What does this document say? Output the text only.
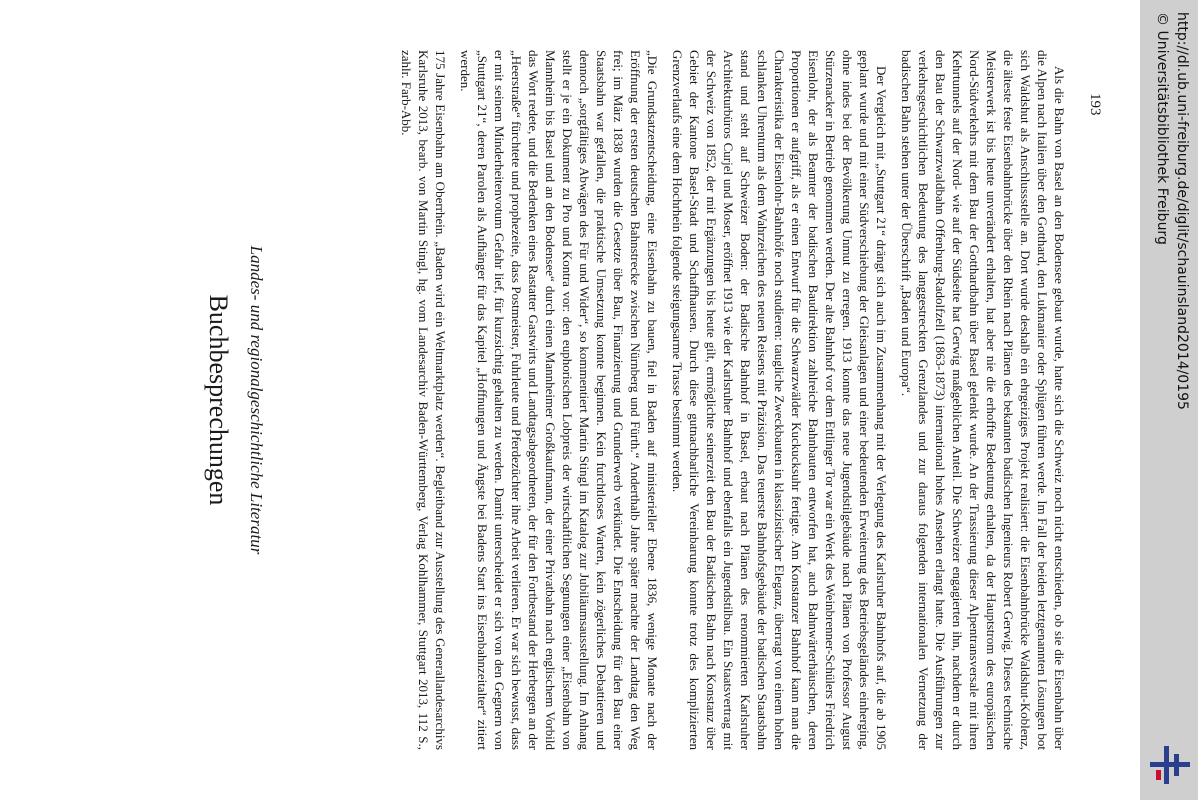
193
Buchbesprechungen Landes- und regionalgeschichtliche Literatur	Als die Bahn von Basel an den Bodensee gebaut wurde, hatte sich die Schweiz noch nicht entschieden, ob sie die Eisenbahn über die Alpen nach Italien über den Gotthard, den Lukmanier oder Splügen führen werde. Im Fall der beiden letztgenannten Lösungen bot sich Waldshut als Anschlussstelle an. Dort wurde deshalb ein ehrgeiziges Projekt realisiert: die Eisenbahnbrücke Waldshut-Koblenz, die älteste feste Eisenbahnbrücke über den Rhein nach Plänen des bekannten badischen Ingenieurs Robert Gerwig. Dieses technische Meisterwerk ist bis heute unverändert erhalten, hat aber nie die erhoffte Bedeutung erhalten, da der Hauptstrom des europäischen Nord-Südverkehrs mit dem Bau der Gotthardbahn über Basel gelenkt wurde. An der Trassierung dieser Alpentransversale mit ihren Kehrtunnels auf der Nord- wie auf der Südseite hat Gerwig maßgeblichen Anteil. Die Schweizer engagierten ihn, nachdem er durch den Bau der Schwarzwaldbahn Offenburg-Radolfzell (1863-1873) international hohes Ansehen erlangt hatte. Die Ausführungen zur verkehrsgeschichtlichen Bedeutung des langgestreckten Grenzlandes und zur daraus folgenden internationalen Vernetzung der badischen Bahn stehen unter der Überschrift „Baden und Europa“.

Der Vergleich mit „Stuttgart 21“ drängt sich auch im Zusammenhang mit der Verlegung des Karlsruher Bahnhofs auf, die ab 1905 geplant wurde und mit einer Südverschiebung der Gleisanlagen und einer bedeutenden Erweiterung des Betriebsgeländes einherging, ohne indes bei der Bevölkerung Unmut zu erregen. 1913 konnte das neue Jugendstilgebäude nach Plänen von Professor August Stürzenacker in Betrieb genommen werden. Der alte Bahnhof vor dem Ettlinger Tor war ein Werk des Weinbrenner-Schülers Friedrich Eisenlohr, der als Beamter der badischen Baudirektion zahlreiche Bahnbauten entworfen hat, auch Bahnwärterhäuschen, deren Proportionen er aufgriff, als er einen Entwurf für die Schwarzwälder Kuckucksuhr fertigte. Am Konstanzer Bahnhof kann man die Charakteristika der Eisenlohr-Bahnhöfe noch studieren: taugliche Zweckbauten in klassizistischer Eleganz, überragt von einem hohen schlanken Uhrenturm als dem Wahrzeichen des neuen Reisens mit Präzision. Das teuerste Bahnhofsgebäude der badischen Staatsbahn stand und steht auf Schweizer Boden: der Badische Bahnhof in Basel, erbaut nach Plänen des renommierten Karlsruher Architekturbüros Curjel und Moser, eröffnet 1913 wie der Karlsruher Bahnhof und ebenfalls ein Jugendstilbau. Ein Staatsvertrag mit der Schweiz von 1852, der mit Ergänzungen bis heute gilt, ermöglichte seinerzeit den Bau der Badischen Bahn nach Konstanz über Gebiet der Kantone Basel-Stadt und Schaffhausen. Durch diese gutnachbarliche Vereinbarung konnte trotz des komplizierten Grenzverlaufs eine dem Hochrhein folgende steigungsarme Trasse bestimmt werden.

„Die Grundsatzentscheidung, eine Eisenbahn zu bauen, fiel in Baden auf ministerieller Ebene 1836, wenige Monate nach der Eröffnung der ersten deutschen Bahnstrecke zwischen Nürnberg und Fürth.“ Anderthalb Jahre später machte der Landtag den Weg frei; im März 1838 wurden die Gesetze über Bau, Finanzierung und Grunderwerb verkündet. Die Entscheidung für den Bau einer Staatsbahn war gefallen, die praktische Umsetzung konnte beginnen. Kein furchtloses Warten, kein zögerliches Debattieren und dennoch „sorgfältiges Abwägen des Für und Wider“, so kommentiert Martin Stingl im Katalog zur Jubiläumsausstellung. Im Anhang stellt er je ein Dokument zu Pro und Kontra vor: den euphorischen Lobpreis der wirtschaftlichen Segnungen einer „Eisenbahn von Mannheim bis Basel und an den Bodensee“ durch einen Mannheimer Großkaufmann, der einer Privatbahn nach englischem Vorbild das Wort redete, und die Bedenken eines Rastatter Gastwirts und Landtagsabgeordneten, der für den Fortbestand der Herbergen an der „Heerstraße“ fürchtete und prophezeite, dass Postmeister, Fuhrleute und Pferdezüchter ihre Arbeit verlieren. Er war sich bewusst, dass er mit seinem Minderheitenvotum Gefahr lief, für kurzsichtig gehalten zu werden. Damit unterscheidet er sich von den Gegnern von „Stuttgart 21“, deren Parolen als Aufhänger für das Kapitel „Hoffnungen und Ängste bei Badens Start ins Eisenbahnzeitalter“ zitiert werden.

175 Jahre Eisenbahn am Oberrhein. „Baden wird ein Weltmarktplatz werden“. Begleitband zur Ausstellung des Generallandesarchivs Karlsruhe 2013, bearb. von Martin Stingl, hg. vom Landesarchiv Baden-Württemberg, Verlag Kohlhammer, Stuttgart 2013, 112 S., zahlr. Farb-Abb.	http://dl.ub.uni-freiburg.de/diglit/schauinsland2014/0195
© Universitätsbibliothek Freiburg
